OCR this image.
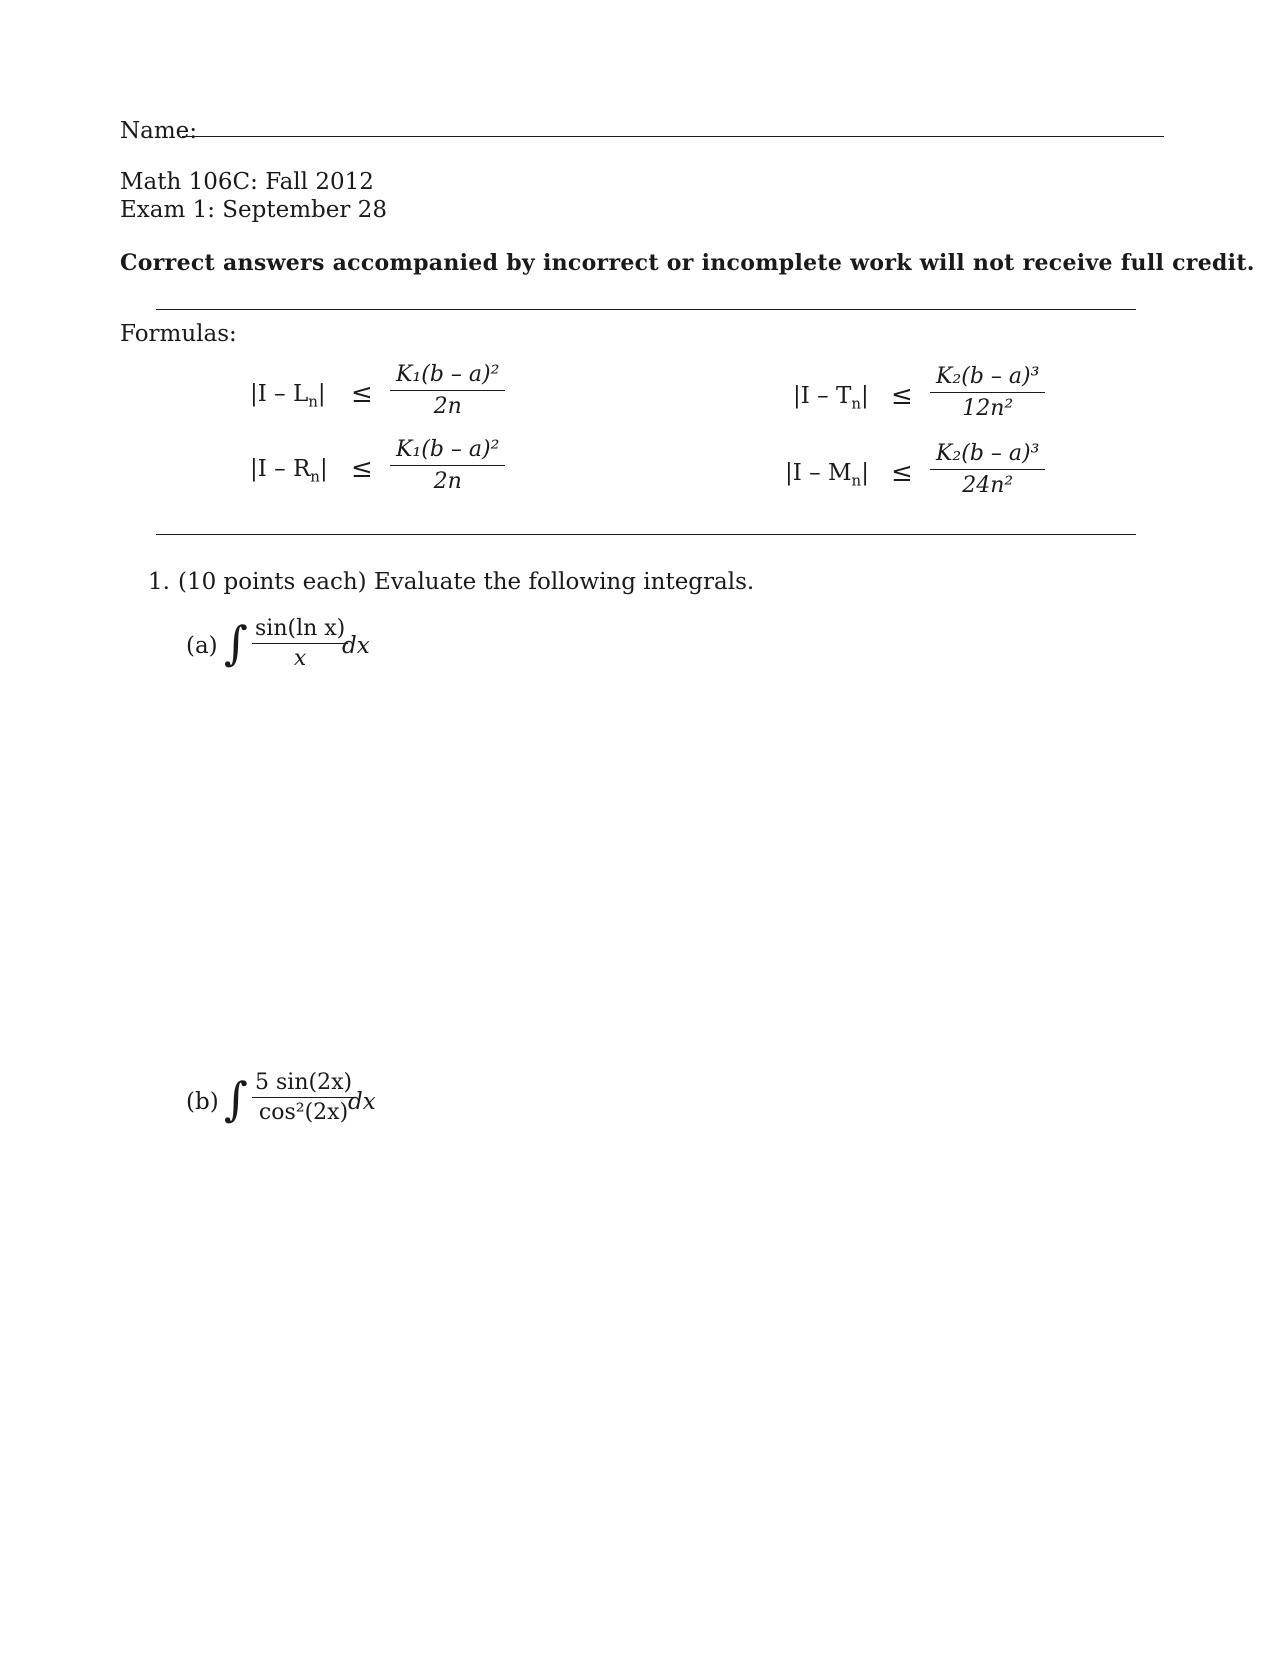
Name:
Math 106C: Fall 2012
Exam 1: September 28
Correct answers accompanied by incorrect or incomplete work will not receive full credit.
Formulas:
$|I - L_n| \le \frac{\text{K₁(b – a)²}}{2n}$
$|I - R_n| \le \frac{\text{K₁(b – a)²}}{2n}$
$|I - T_n| \le \frac{\text{K₂(b – a)³}}{\text{12n²}}$
$|I - M_n| \le \frac{\text{K₂(b – a)³}}{\text{24n²}}$
1. (10 points each) Evaluate the following integrals.
(a) ∫ $\frac{\text{sin(ln x)}}{x}$
dx
(b) ∫ $\frac{5 \sin(2x)}{\text{cos²(2x)}}$
dx
